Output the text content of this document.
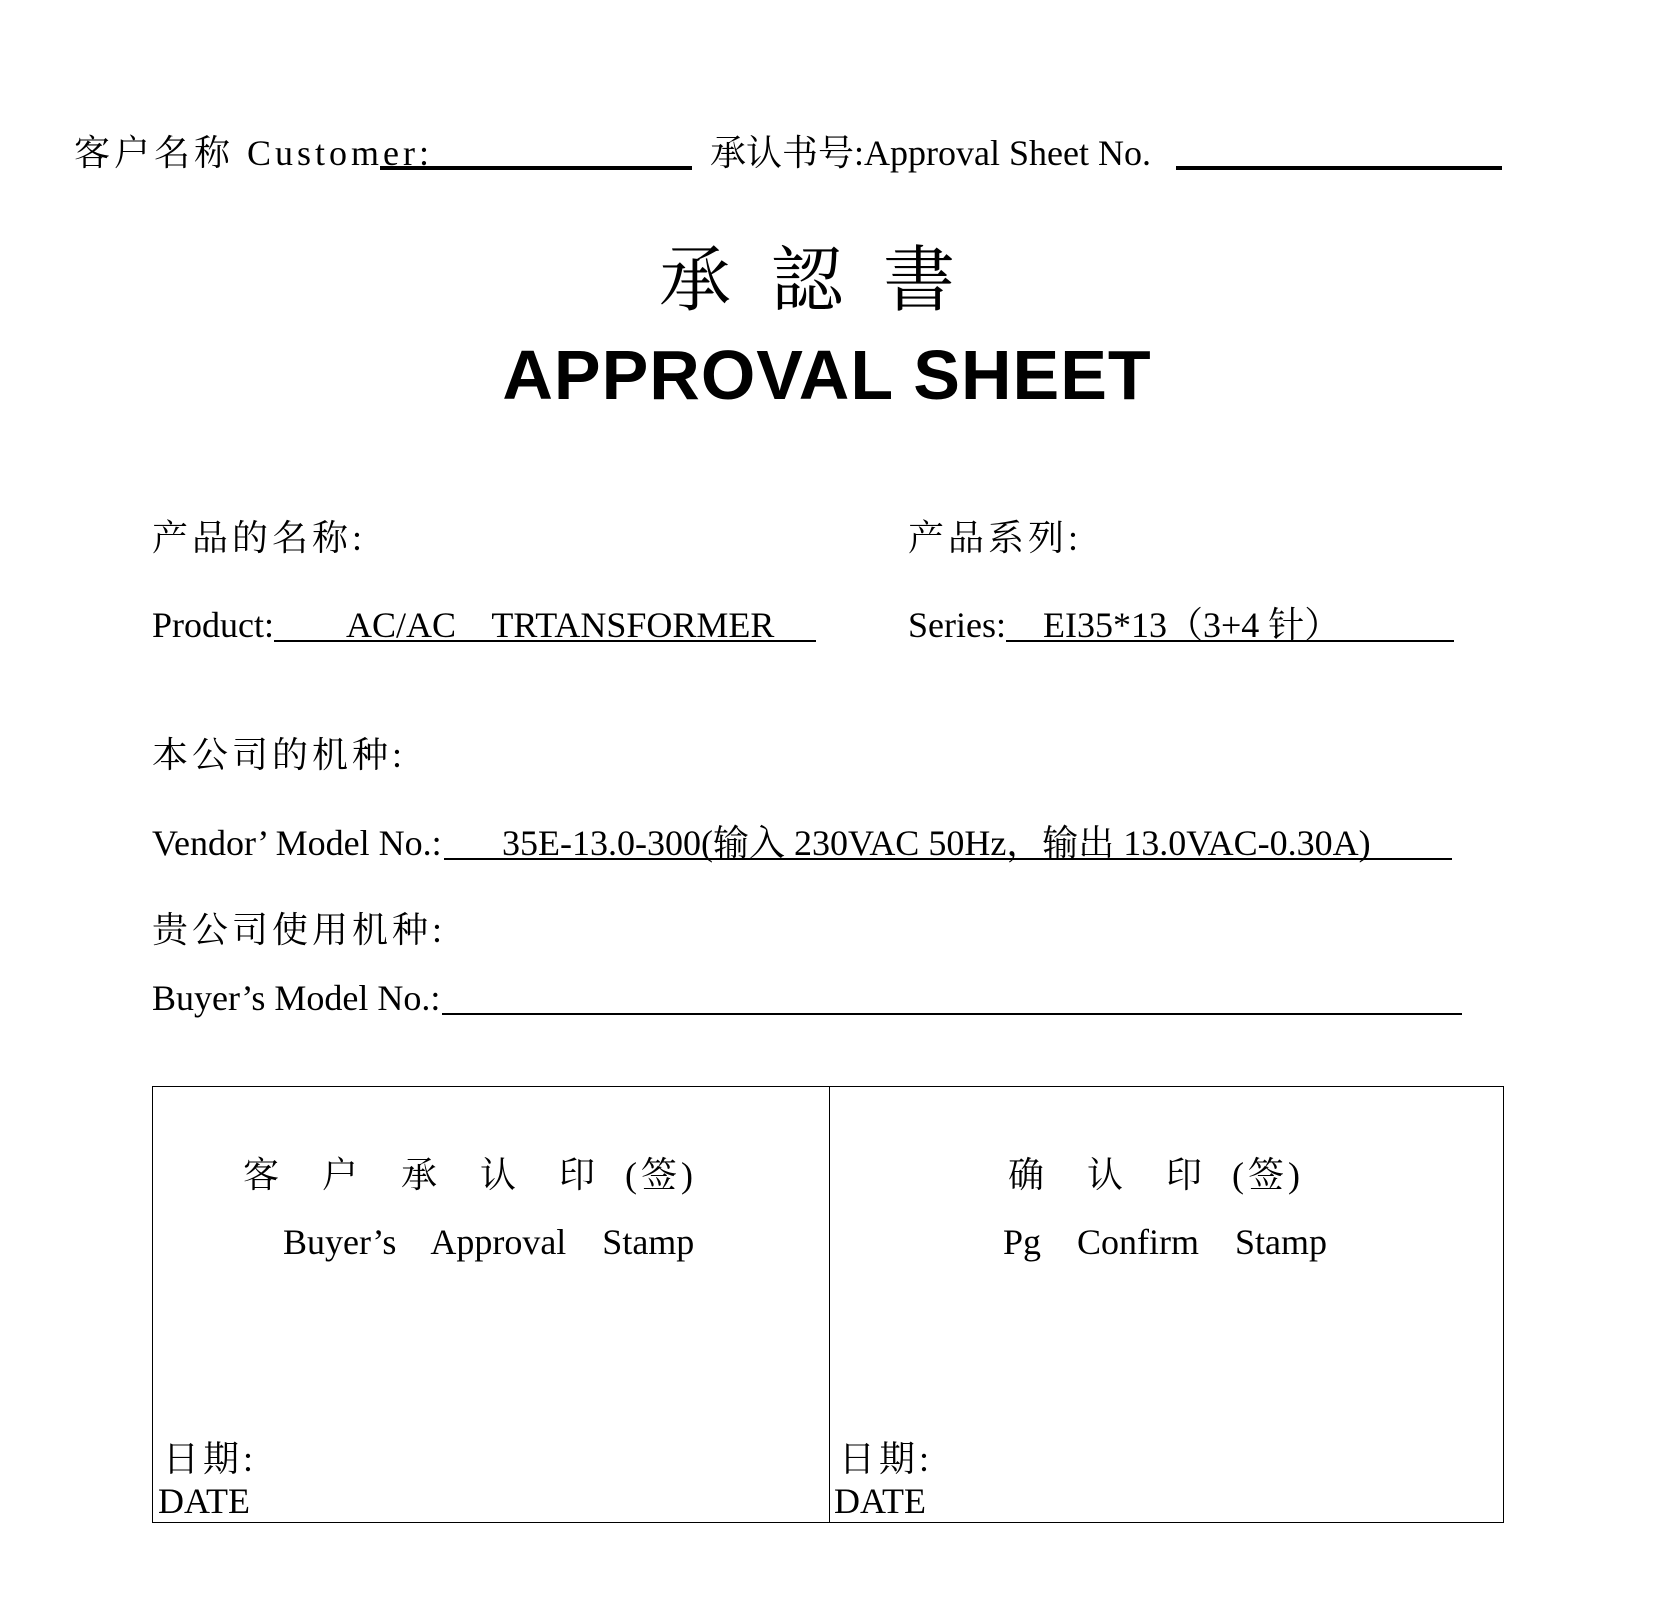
客户名称 Customer:	承认书号:Approval Sheet No.
承認書
APPROVAL SHEET
产品的名称:	产品系列:
Product: AC/AC    TRTANSFORMER	Series: EI35*13（3+4 针）
本公司的机种:
Vendor’ Model No.: 35E-13.0-300(输入 230VAC 50Hz，输出 13.0VAC-0.30A)
贵公司使用机种:
Buyer’s Model No.:
客   户   承   认   印  (签)
Buyer’s    Approval    Stamp
日期:
DATE
确   认   印  (签)
Pg    Confirm    Stamp
日期:
DATE
